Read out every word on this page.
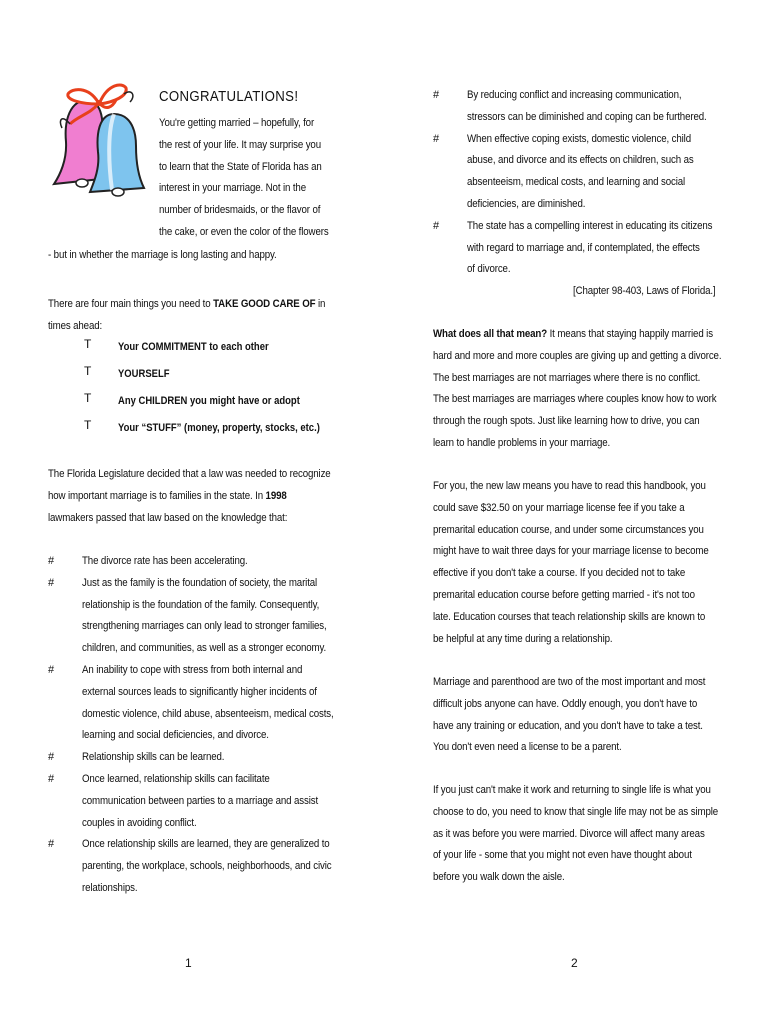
CONGRATULATIONS!
You're getting married – hopefully, for
the rest of your life. It may surprise you
to learn that the State of Florida has an
interest in your marriage. Not in the
number of bridesmaids, or the flavor of
the cake, or even the color of the flowers
- but in whether the marriage is long lasting and happy.
There are four main things you need to TAKE GOOD CARE OF in
times ahead:
T	Your COMMITMENT to each other
T	YOURSELF
T	Any CHILDREN you might have or adopt
T	Your “STUFF” (money, property, stocks, etc.)
The Florida Legislature decided that a law was needed to recognize
how important marriage is to families in the state. In 1998
lawmakers passed that law based on the knowledge that:
#	The divorce rate has been accelerating.
#	Just as the family is the foundation of society, the marital
relationship is the foundation of the family. Consequently,
strengthening marriages can only lead to stronger families,
children, and communities, as well as a stronger economy.
#	An inability to cope with stress from both internal and
external sources leads to significantly higher incidents of
domestic violence, child abuse, absenteeism, medical costs,
learning and social deficiencies, and divorce.
#	Relationship skills can be learned.
#	Once learned, relationship skills can facilitate
communication between parties to a marriage and assist
couples in avoiding conflict.
#	Once relationship skills are learned, they are generalized to
parenting, the workplace, schools, neighborhoods, and civic
relationships.
1
#	By reducing conflict and increasing communication,
stressors can be diminished and coping can be furthered.
#	When effective coping exists, domestic violence, child
abuse, and divorce and its effects on children, such as
absenteeism, medical costs, and learning and social
deficiencies, are diminished.
#	The state has a compelling interest in educating its citizens
with regard to marriage and, if contemplated, the effects
of divorce.
[Chapter 98-403, Laws of Florida.]
What does all that mean? It means that staying happily married is
hard and more and more couples are giving up and getting a divorce.
The best marriages are not marriages where there is no conflict.
The best marriages are marriages where couples know how to work
through the rough spots. Just like learning how to drive, you can
learn to handle problems in your marriage.
For you, the new law means you have to read this handbook, you
could save $32.50 on your marriage license fee if you take a
premarital education course, and under some circumstances you
might have to wait three days for your marriage license to become
effective if you don't take a course. If you decided not to take
premarital education course before getting married - it's not too
late. Education courses that teach relationship skills are known to
be helpful at any time during a relationship.
Marriage and parenthood are two of the most important and most
difficult jobs anyone can have. Oddly enough, you don't have to
have any training or education, and you don't have to take a test.
You don't even need a license to be a parent.
If you just can't make it work and returning to single life is what you
choose to do, you need to know that single life may not be as simple
as it was before you were married. Divorce will affect many areas
of your life - some that you might not even have thought about
before you walk down the aisle.
2
